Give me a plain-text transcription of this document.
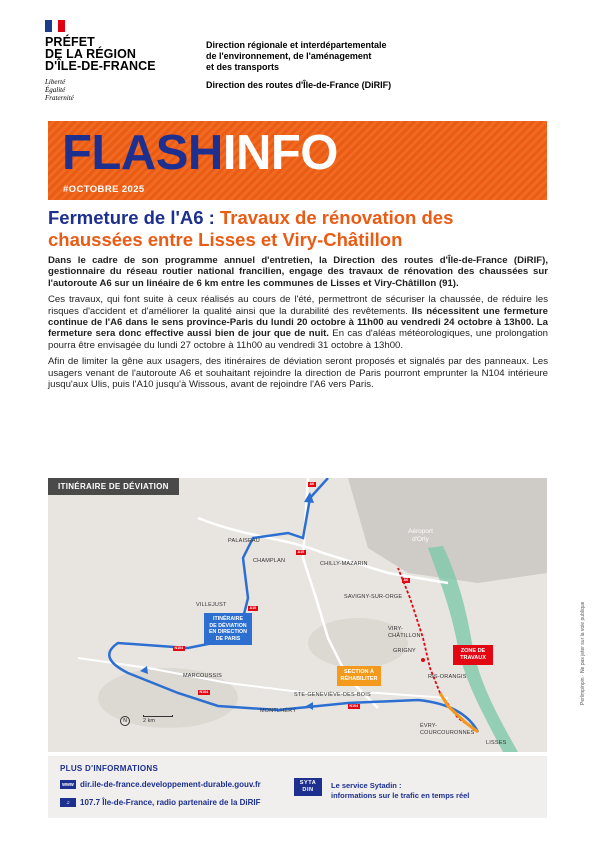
PRÉFET
DE LA RÉGION
D'ÎLE-DE-FRANCE
Liberté
Égalité
Fraternité
Direction régionale et interdépartementale
de l'environnement, de l'aménagement
et des transports
Direction des routes d'Île-de-France (DiRIF)
FLASHINFO
#OCTOBRE 2025
Fermeture de l'A6 : Travaux de rénovation des chaussées entre Lisses et Viry-Châtillon

Dans le cadre de son programme annuel d'entretien, la Direction des routes d'Île-de-France (DiRIF), gestionnaire du réseau routier national francilien, engage des travaux de rénovation des chaussées sur l'autoroute A6 sur un linéaire de 6 km entre les communes de Lisses et Viry-Châtillon (91).

Ces travaux, qui font suite à ceux réalisés au cours de l'été, permettront de sécuriser la chaussée, de réduire les risques d'accident et d'améliorer la qualité ainsi que la durabilité des revêtements. Ils nécessitent une fermeture continue de l'A6 dans le sens province-Paris du lundi 20 octobre à 11h00 au vendredi 24 octobre à 13h00. La fermeture sera donc effective aussi bien de jour que de nuit. En cas d'aléas météorologiques, une prolongation pourra être envisagée du lundi 27 octobre à 11h00 au vendredi 31 octobre à 13h00.

Afin de limiter la gêne aux usagers, des itinéraires de déviation seront proposés et signalés par des panneaux. Les usagers venant de l'autoroute A6 et souhaitant rejoindre la direction de Paris pourront emprunter la N104 intérieure jusqu'aux Ulis, puis l'A10 jusqu'à Wissous, avant de rejoindre l'A6 vers Paris.

ITINÉRAIRE DE DÉVIATION
Aéroport
d'Orly
PALAISEAU
CHAMPLAN	CHILLY-MAZARIN
VILLEJUST
SAVIGNY-SUR-ORGE
VIRY-
CHÂTILLON
GRIGNY
MARCOUSSIS	RIS-ORANGIS
STE-GENEVIÈVE-DES-BOIS
MONTLHÉRY
ÉVRY-
COURCOURONNES
LISSES
A6
A10
N104
A6
N104
A10
N104
ITINÉRAIRE
DE DÉVIATION
EN DIRECTION
DE PARIS
ZONE DE
TRAVAUX
SECTION À
RÉHABILITER
N	2 km
PLUS D'INFORMATIONS
www dir.ile-de-france.developpement-durable.gouv.fr
♫	107.7 Île-de-France, radio partenaire de la DiRIF
SYTA
DIN	Le service Sytadin :
informations sur le trafic en temps réel
Perlimpinpin · Ne pas jeter sur la voie publique
